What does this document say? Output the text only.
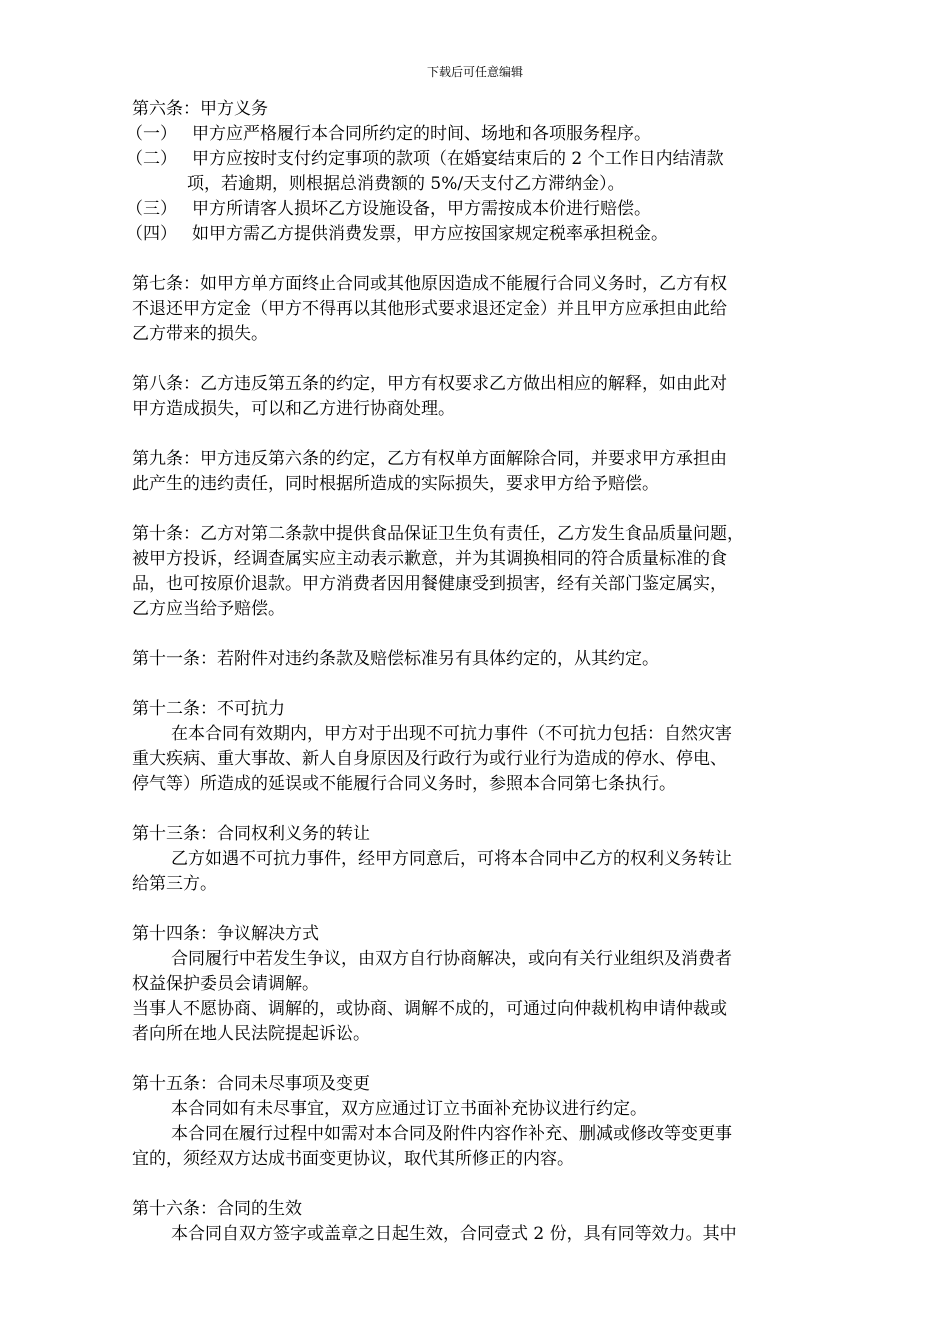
下载后可任意编辑
第六条：甲方义务
（一） 甲方应严格履行本合同所约定的时间、场地和各项服务程序。
（二） 甲方应按时支付约定事项的款项（在婚宴结束后的 2 个工作日内结清款
项，若逾期，则根据总消费额的 5%/天支付乙方滞纳金）。
（三） 甲方所请客人损坏乙方设施设备，甲方需按成本价进行赔偿。
（四） 如甲方需乙方提供消费发票，甲方应按国家规定税率承担税金。
第七条：如甲方单方面终止合同或其他原因造成不能履行合同义务时，乙方有权
不退还甲方定金（甲方不得再以其他形式要求退还定金）并且甲方应承担由此给
乙方带来的损失。
第八条：乙方违反第五条的约定，甲方有权要求乙方做出相应的解释，如由此对
甲方造成损失，可以和乙方进行协商处理。
第九条：甲方违反第六条的约定，乙方有权单方面解除合同，并要求甲方承担由
此产生的违约责任，同时根据所造成的实际损失，要求甲方给予赔偿。
第十条：乙方对第二条款中提供食品保证卫生负有责任，乙方发生食品质量问题，
被甲方投诉，经调查属实应主动表示歉意，并为其调换相同的符合质量标准的食
品，也可按原价退款。甲方消费者因用餐健康受到损害，经有关部门鉴定属实，
乙方应当给予赔偿。
第十一条：若附件对违约条款及赔偿标准另有具体约定的，从其约定。
第十二条：不可抗力
在本合同有效期内，甲方对于出现不可抗力事件（不可抗力包括：自然灾害
重大疾病、重大事故、新人自身原因及行政行为或行业行为造成的停水、停电、
停气等）所造成的延误或不能履行合同义务时，参照本合同第七条执行。
第十三条：合同权利义务的转让
乙方如遇不可抗力事件，经甲方同意后，可将本合同中乙方的权利义务转让
给第三方。
第十四条：争议解决方式
合同履行中若发生争议，由双方自行协商解决，或向有关行业组织及消费者
权益保护委员会请调解。
当事人不愿协商、调解的，或协商、调解不成的，可通过向仲裁机构申请仲裁或
者向所在地人民法院提起诉讼。
第十五条：合同未尽事项及变更
本合同如有未尽事宜，双方应通过订立书面补充协议进行约定。
本合同在履行过程中如需对本合同及附件内容作补充、删减或修改等变更事
宜的，须经双方达成书面变更协议，取代其所修正的内容。
第十六条：合同的生效
本合同自双方签字或盖章之日起生效，合同壹式 2 份，具有同等效力。其中
